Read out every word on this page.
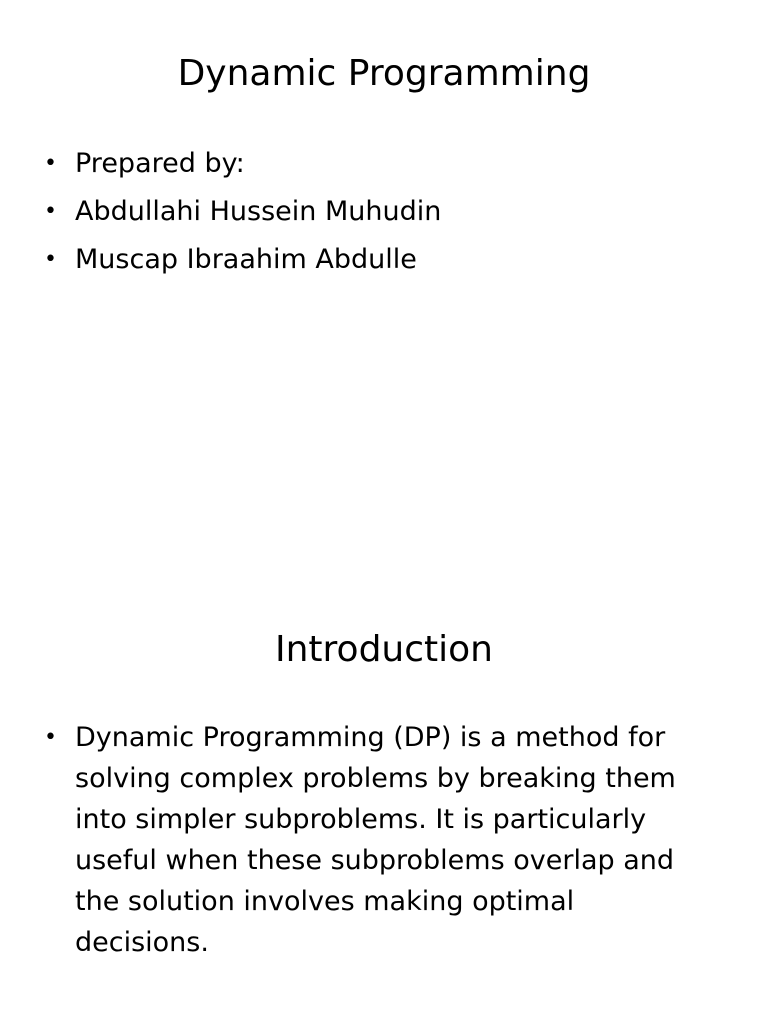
Dynamic Programming
• Prepared by:
• Abdullahi Hussein Muhudin
• Muscap Ibraahim Abdulle
Introduction
• Dynamic Programming (DP) is a method for solving complex problems by breaking them into simpler subproblems. It is particularly useful when these subproblems overlap and the solution involves making optimal decisions.
